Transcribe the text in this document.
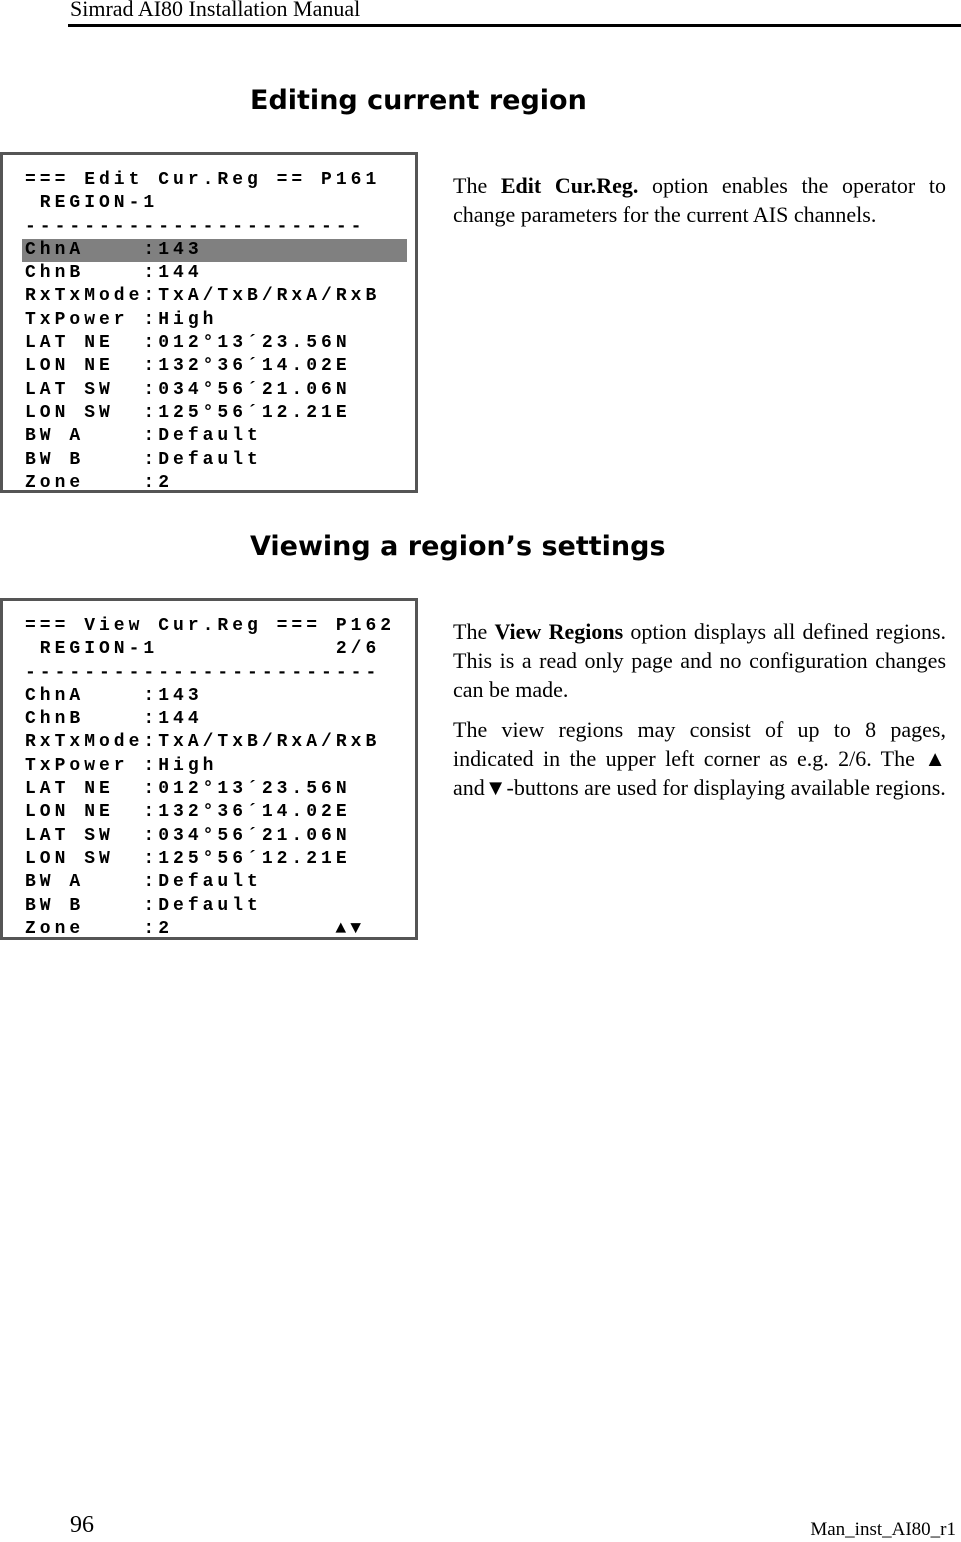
Simrad AI80 Installation Manual
Editing current region
=== Edit Cur.Reg == P161
REGION-1
-----------------------
ChnA    :143
ChnB    :144
RxTxMode:TxA/TxB/RxA/RxB
TxPower :High
LAT NE  :012°13´23.56N
LON NE  :132°36´14.02E
LAT SW  :034°56´21.06N
LON SW  :125°56´12.21E
BW A    :Default
BW B    :Default
Zone    :2

The Edit Cur.Reg. option enables the operator to change parameters for the current AIS channels.

Viewing a region’s settings
=== View Cur.Reg === P162
REGION-1            2/6
------------------------
ChnA    :143
ChnB    :144
RxTxMode:TxA/TxB/RxA/RxB
TxPower :High
LAT NE  :012°13´23.56N
LON NE  :132°36´14.02E
LAT SW  :034°56´21.06N
LON SW  :125°56´12.21E
BW A    :Default
BW B    :Default
Zone    :2	▲▼

The View Regions option displays all defined regions. This is a read only page and no configuration changes can be made.

The view regions may consist of up to 8 pages, indicated in the upper left corner as e.g. 2/6. The ▲ and▼-buttons are used for displaying available regions.

96	Man_inst_AI80_r1
